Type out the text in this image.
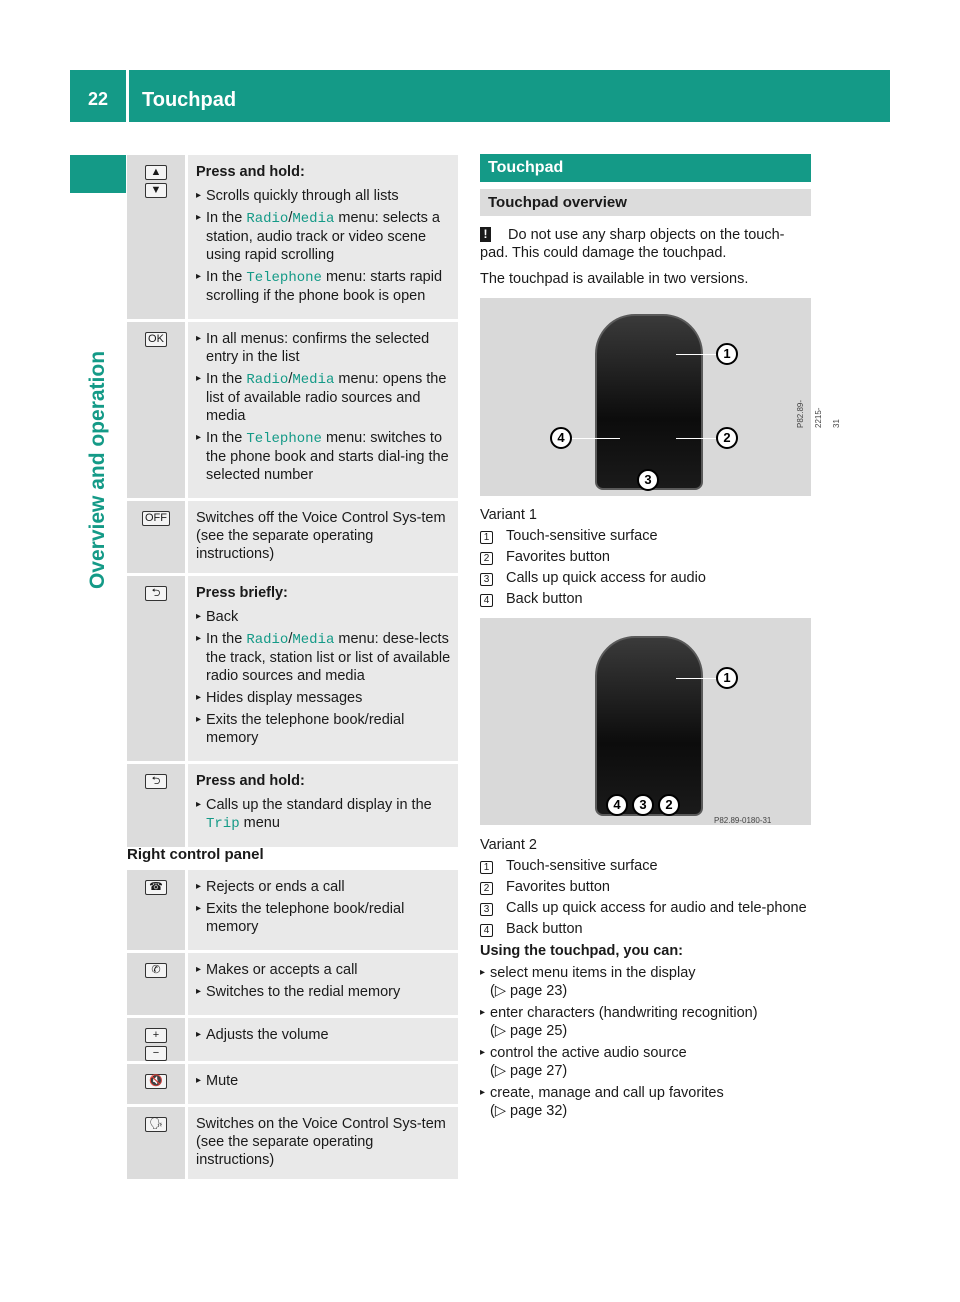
22	Touchpad
Overview and operation
▲
▼
Press and hold:
▸ Scrolls quickly through all lists
▸ In the Radio/Media menu: selects a station, audio track or video scene using rapid scrolling
▸ In the Telephone menu: starts rapid scrolling if the phone book is open
OK	▸ In all menus: confirms the selected entry in the list
▸ In the Radio/Media menu: opens the list of available radio sources and media
▸ In the Telephone menu: switches to the phone book and starts dial-ing the selected number
OFF Switches off the Voice Control Sys-tem (see the separate operating instructions)
⮌	Press briefly:
▸ Back
▸ In the Radio/Media menu: dese-lects the track, station list or list of available radio sources and media
▸ Hides display messages
▸ Exits the telephone book/redial memory
⮌	Press and hold:
▸ Calls up the standard display in the Trip menu
Right control panel
☎	▸ Rejects or ends a call
▸ Exits the telephone book/redial memory
✆	▸ Makes or accepts a call
▸ Switches to the redial memory
+
−
▸ Adjusts the volume
🔇	▸ Mute
🗣 Switches on the Voice Control Sys-tem (see the separate operating instructions)
Touchpad
Touchpad overview
!	Do not use any sharp objects on the touch-pad. This could damage the touchpad.
The touchpad is available in two versions.
1
4	2
3
P82.89-2215-31
Variant 1
1	Touch-sensitive surface
2	Favorites button
3	Calls up quick access for audio
4	Back button
1
4	3	2
P82.89-0180-31
Variant 2
1	Touch-sensitive surface
2	Favorites button
3	Calls up quick access for audio and tele-phone
4	Back button
Using the touchpad, you can:
▸ select menu items in the display
(▷ page 23)
▸ enter characters (handwriting recognition)
(▷ page 25)
▸ control the active audio source
(▷ page 27)
▸ create, manage and call up favorites
(▷ page 32)
